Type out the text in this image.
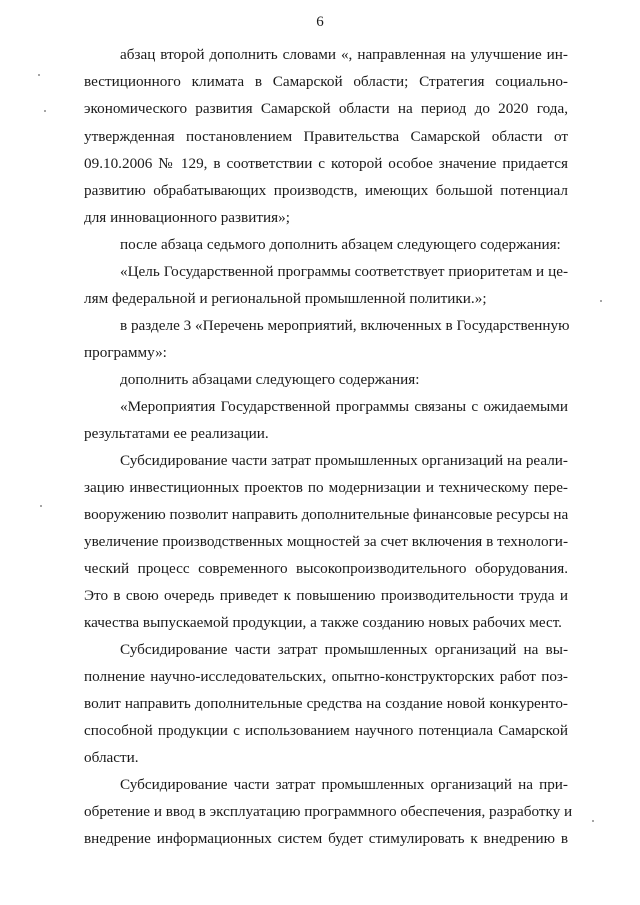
6
абзац второй дополнить словами «, направленная на улучшение ин-
вестиционного климата в Самарской области; Стратегия социально-
экономического развития Самарской области на период до 2020 года,
утвержденная постановлением Правительства Самарской области от
09.10.2006 № 129, в соответствии с которой особое значение придается
развитию обрабатывающих производств, имеющих большой потенциал
для инновационного развития»;
после абзаца седьмого дополнить абзацем следующего содержания:
«Цель Государственной программы соответствует приоритетам и це-
лям федеральной и региональной промышленной политики.»;
в разделе 3 «Перечень мероприятий, включенных в Государственную
программу»:
дополнить абзацами следующего содержания:
«Мероприятия Государственной программы связаны с ожидаемыми
результатами ее реализации.
Субсидирование части затрат промышленных организаций на реали-
зацию инвестиционных проектов по модернизации и техническому пере-
вооружению позволит направить дополнительные финансовые ресурсы на
увеличение производственных мощностей за счет включения в технологи-
ческий процесс современного высокопроизводительного оборудования.
Это в свою очередь приведет к повышению производительности труда и
качества выпускаемой продукции, а также созданию новых рабочих мест.
Субсидирование части затрат промышленных организаций на вы-
полнение научно-исследовательских, опытно-конструкторских работ поз-
волит направить дополнительные средства на создание новой конкуренто-
способной продукции с использованием научного потенциала Самарской
области.
Субсидирование части затрат промышленных организаций на при-
обретение и ввод в эксплуатацию программного обеспечения, разработку и
внедрение информационных систем будет стимулировать к внедрению в
